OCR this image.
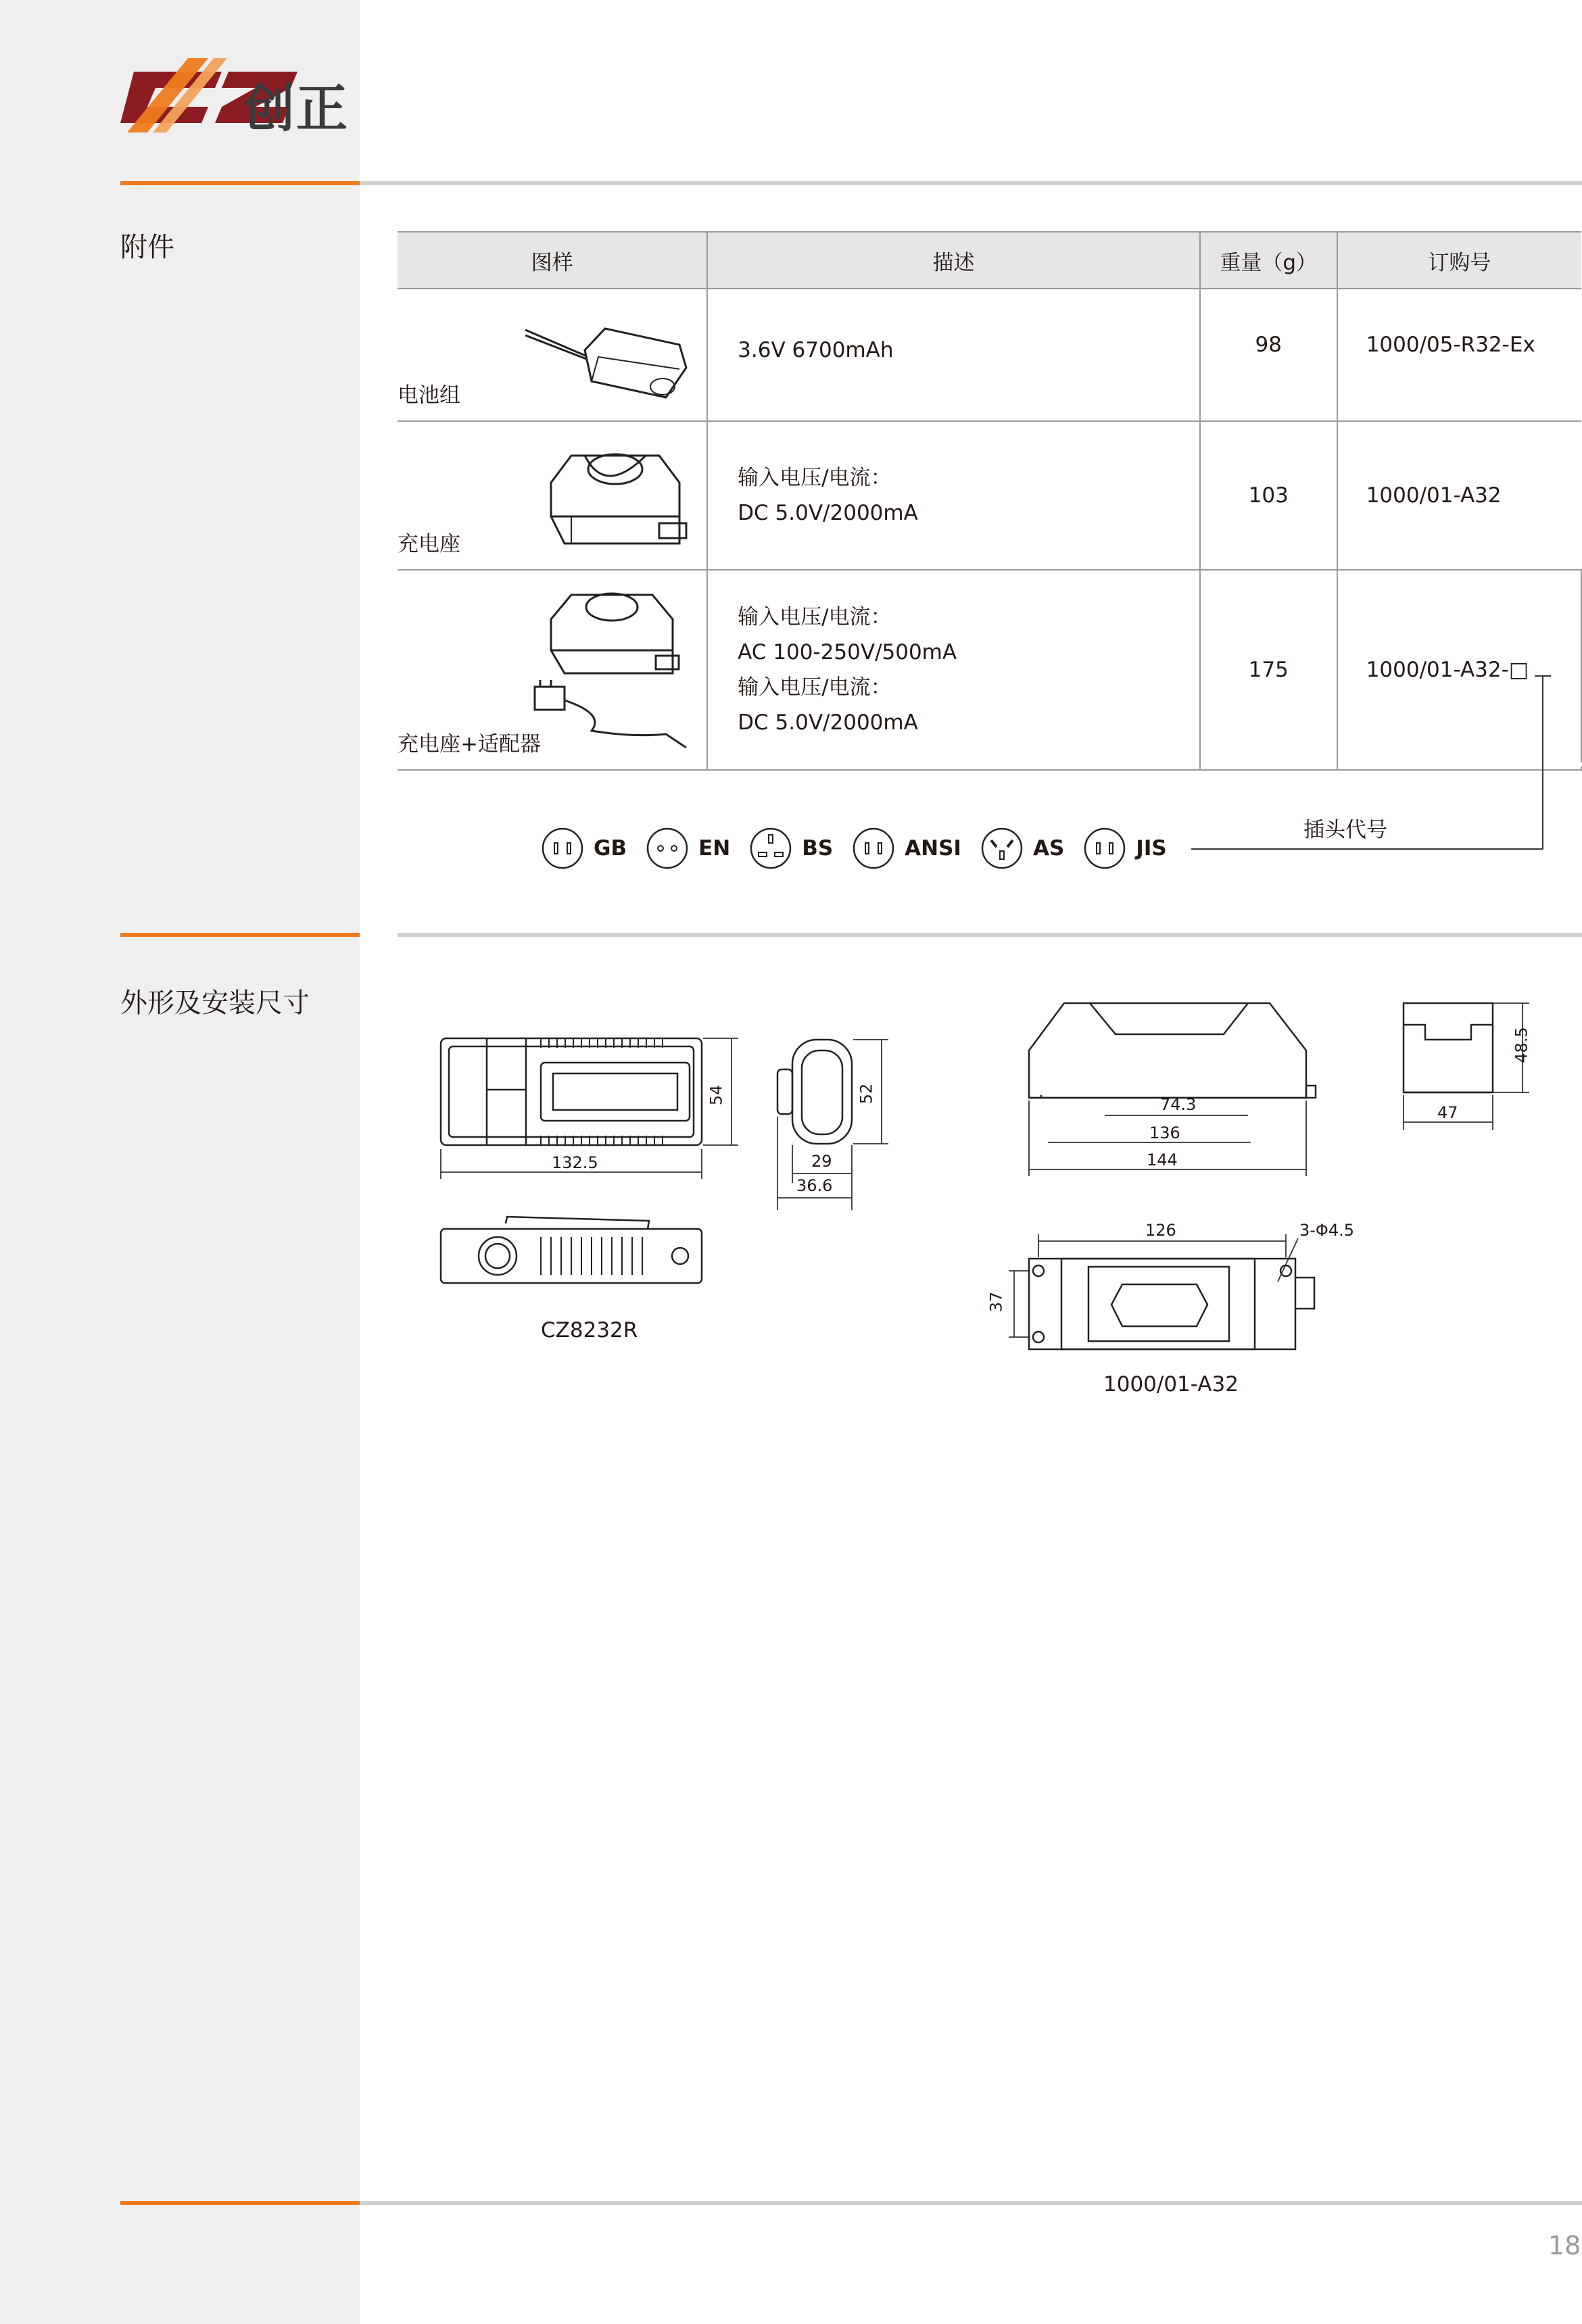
创正
附件
外形及安装尺寸
图样	描述	重量（g）	订购号

电池组	3.6V 6700mAh	98	1000/05-R32-Ex

充电座	输入电压/电流：
DC 5.0V/2000mA	103	1000/01-A32

充电座+适配器	输入电压/电流：
AC 100-250V/500mA
输入电压/电流：
DC 5.0V/2000mA	175	1000/01-A32-□
GB	EN	BS	ANSI	AS	JIS
插头代号
132.5
54	52
29
36.6
CZ8232R
74.3
136
144
48.5
47
126	3-Φ4.5
37
1000/01-A32
18
